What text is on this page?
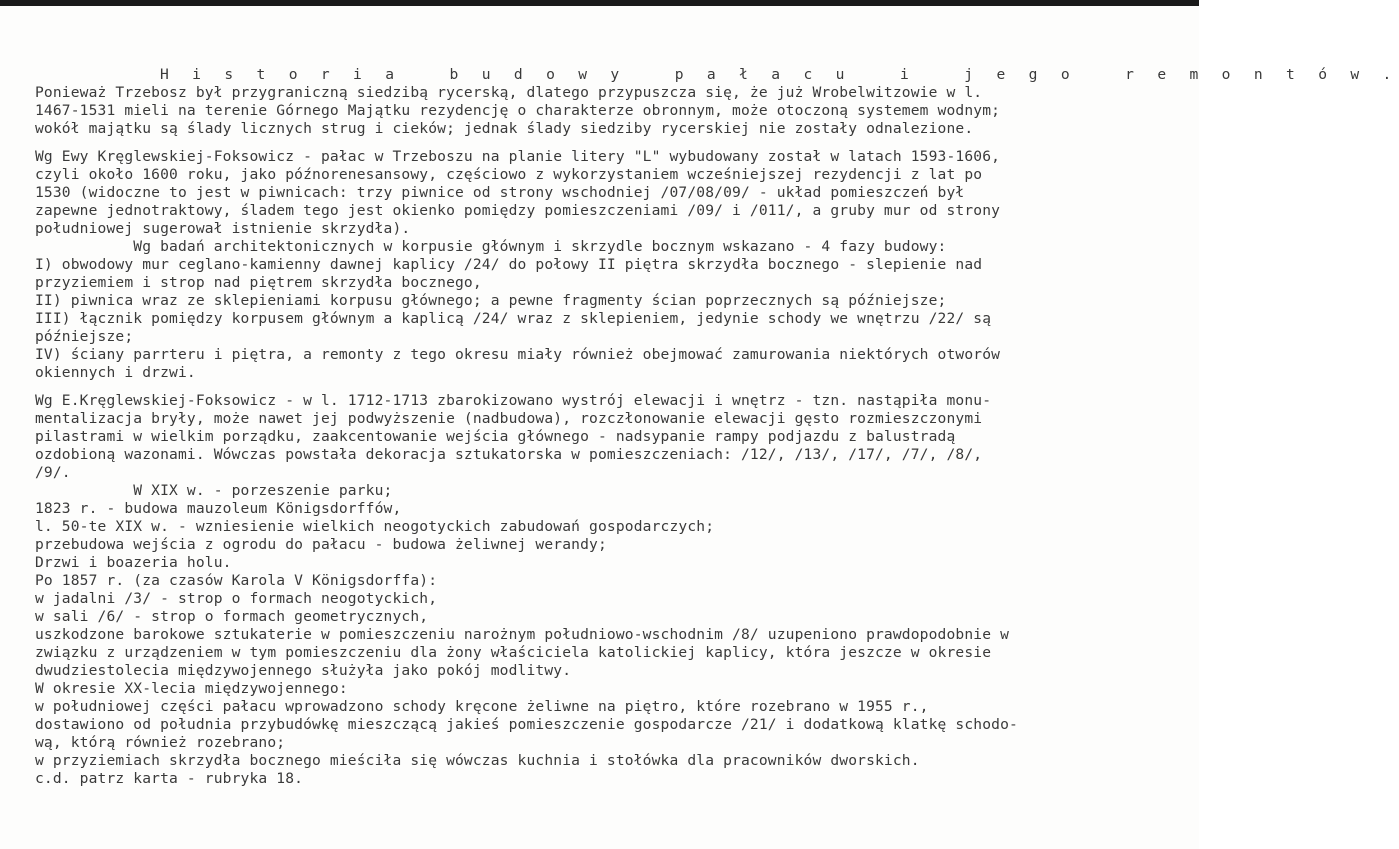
H i s t o r i a   b u d o w y   p a ł a c u   i   j e g o   r e m o n t ó w .
Ponieważ Trzebosz był przygraniczną siedzibą rycerską, dlatego przypuszcza się, że już Wrobelwitzowie w l.
1467-1531 mieli na terenie Górnego Majątku rezydencję o charakterze obronnym, może otoczoną systemem wodnym;
wokół majątku są ślady licznych strug i cieków; jednak ślady siedziby rycerskiej nie zostały odnalezione.
Wg Ewy Kręglewskiej-Foksowicz - pałac w Trzeboszu na planie litery "L" wybudowany został w latach 1593-1606,
czyli około 1600 roku, jako późnorenesansowy, częściowo z wykorzystaniem wcześniejszej rezydencji z lat po
1530 (widoczne to jest w piwnicach: trzy piwnice od strony wschodniej /07/08/09/ - układ pomieszczeń był
zapewne jednotraktowy, śladem tego jest okienko pomiędzy pomieszczeniami /09/ i /011/, a gruby mur od strony
południowej sugerował istnienie skrzydła).
Wg badań architektonicznych w korpusie głównym i skrzydle bocznym wskazano - 4 fazy budowy:
I) obwodowy mur ceglano-kamienny dawnej kaplicy /24/ do połowy II piętra skrzydła bocznego - slepienie nad
przyziemiem i strop nad piętrem skrzydła bocznego,
II) piwnica wraz ze sklepieniami korpusu głównego; a pewne fragmenty ścian poprzecznych są późniejsze;
III) łącznik pomiędzy korpusem głównym a kaplicą /24/ wraz z sklepieniem, jedynie schody we wnętrzu /22/ są
późniejsze;
IV) ściany parrteru i piętra, a remonty z tego okresu miały również obejmować zamurowania niektórych otworów
okiennych i drzwi.
Wg E.Kręglewskiej-Foksowicz - w l. 1712-1713 zbarokizowano wystrój elewacji i wnętrz - tzn. nastąpiła monu-
mentalizacja bryły, może nawet jej podwyższenie (nadbudowa), rozczłonowanie elewacji gęsto rozmieszczonymi
pilastrami w wielkim porządku, zaakcentowanie wejścia głównego - nadsypanie rampy podjazdu z balustradą
ozdobioną wazonami. Wówczas powstała dekoracja sztukatorska w pomieszczeniach: /12/, /13/, /17/, /7/, /8/,
/9/.
W XIX w. - porzeszenie parku;
1823 r. - budowa mauzoleum Königsdorffów,
l. 50-te XIX w. - wzniesienie wielkich neogotyckich zabudowań gospodarczych;
przebudowa wejścia z ogrodu do pałacu - budowa żeliwnej werandy;
Drzwi i boazeria holu.
Po 1857 r. (za czasów Karola V Königsdorffa):
w jadalni /3/ - strop o formach neogotyckich,
w sali /6/ - strop o formach geometrycznych,
uszkodzone barokowe sztukaterie w pomieszczeniu narożnym południowo-wschodnim /8/ uzupeniono prawdopodobnie w
związku z urządzeniem w tym pomieszczeniu dla żony właściciela katolickiej kaplicy, która jeszcze w okresie
dwudziestolecia międzywojennego służyła jako pokój modlitwy.
W okresie XX-lecia międzywojennego:
w południowej części pałacu wprowadzono schody kręcone żeliwne na piętro, które rozebrano w 1955 r.,
dostawiono od południa przybudówkę mieszczącą jakieś pomieszczenie gospodarcze /21/ i dodatkową klatkę schodo-
wą, którą również rozebrano;
w przyziemiach skrzydła bocznego mieściła się wówczas kuchnia i stołówka dla pracowników dworskich.
c.d. patrz karta - rubryka 18.
